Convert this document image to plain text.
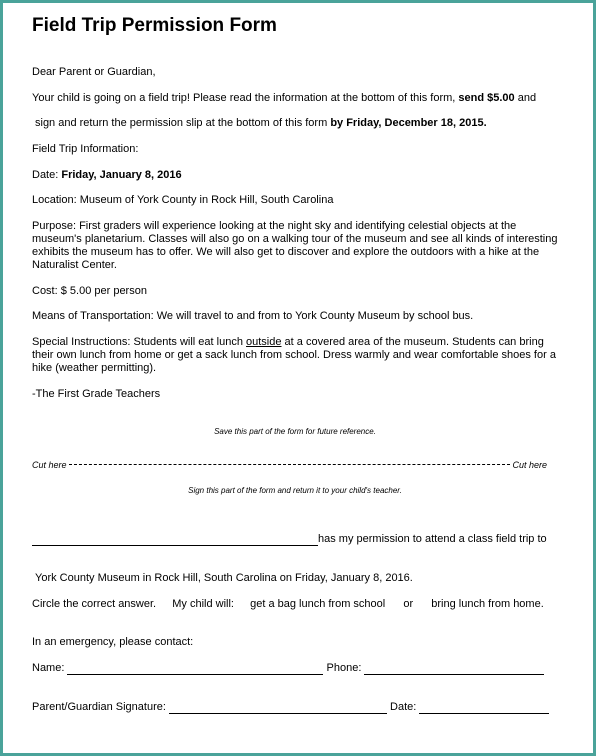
Field Trip Permission Form
Dear Parent or Guardian,
Your child is going on a field trip! Please read the information at the bottom of this form, send $5.00 and
sign and return the permission slip at the bottom of this form by Friday, December 18, 2015.
Field Trip Information:
Date: Friday, January 8, 2016
Location: Museum of York County in Rock Hill, South Carolina
Purpose: First graders will experience looking at the night sky and identifying celestial objects at the museum's planetarium. Classes will also go on a walking tour of the museum and see all kinds of interesting exhibits the museum has to offer. We will also get to discover and explore the outdoors with a hike at the Naturalist Center.
Cost: $ 5.00 per person
Means of Transportation: We will travel to and from to York County Museum by school bus.
Special Instructions: Students will eat lunch outside at a covered area of the museum. Students can bring their own lunch from home or get a sack lunch from school. Dress warmly and wear comfortable shoes for a hike (weather permitting).
-The First Grade Teachers
Save this part of the form for future reference.
Cut here	Cut here
Sign this part of the form and return it to your child's teacher.
has my permission to attend a class field trip to
York County Museum in Rock Hill, South Carolina on Friday, January 8, 2016.
Circle the correct answer. My child will: get a bag lunch from school or bring lunch from home.
In an emergency, please contact:
Name:	Phone:
Parent/Guardian Signature:	Date:
